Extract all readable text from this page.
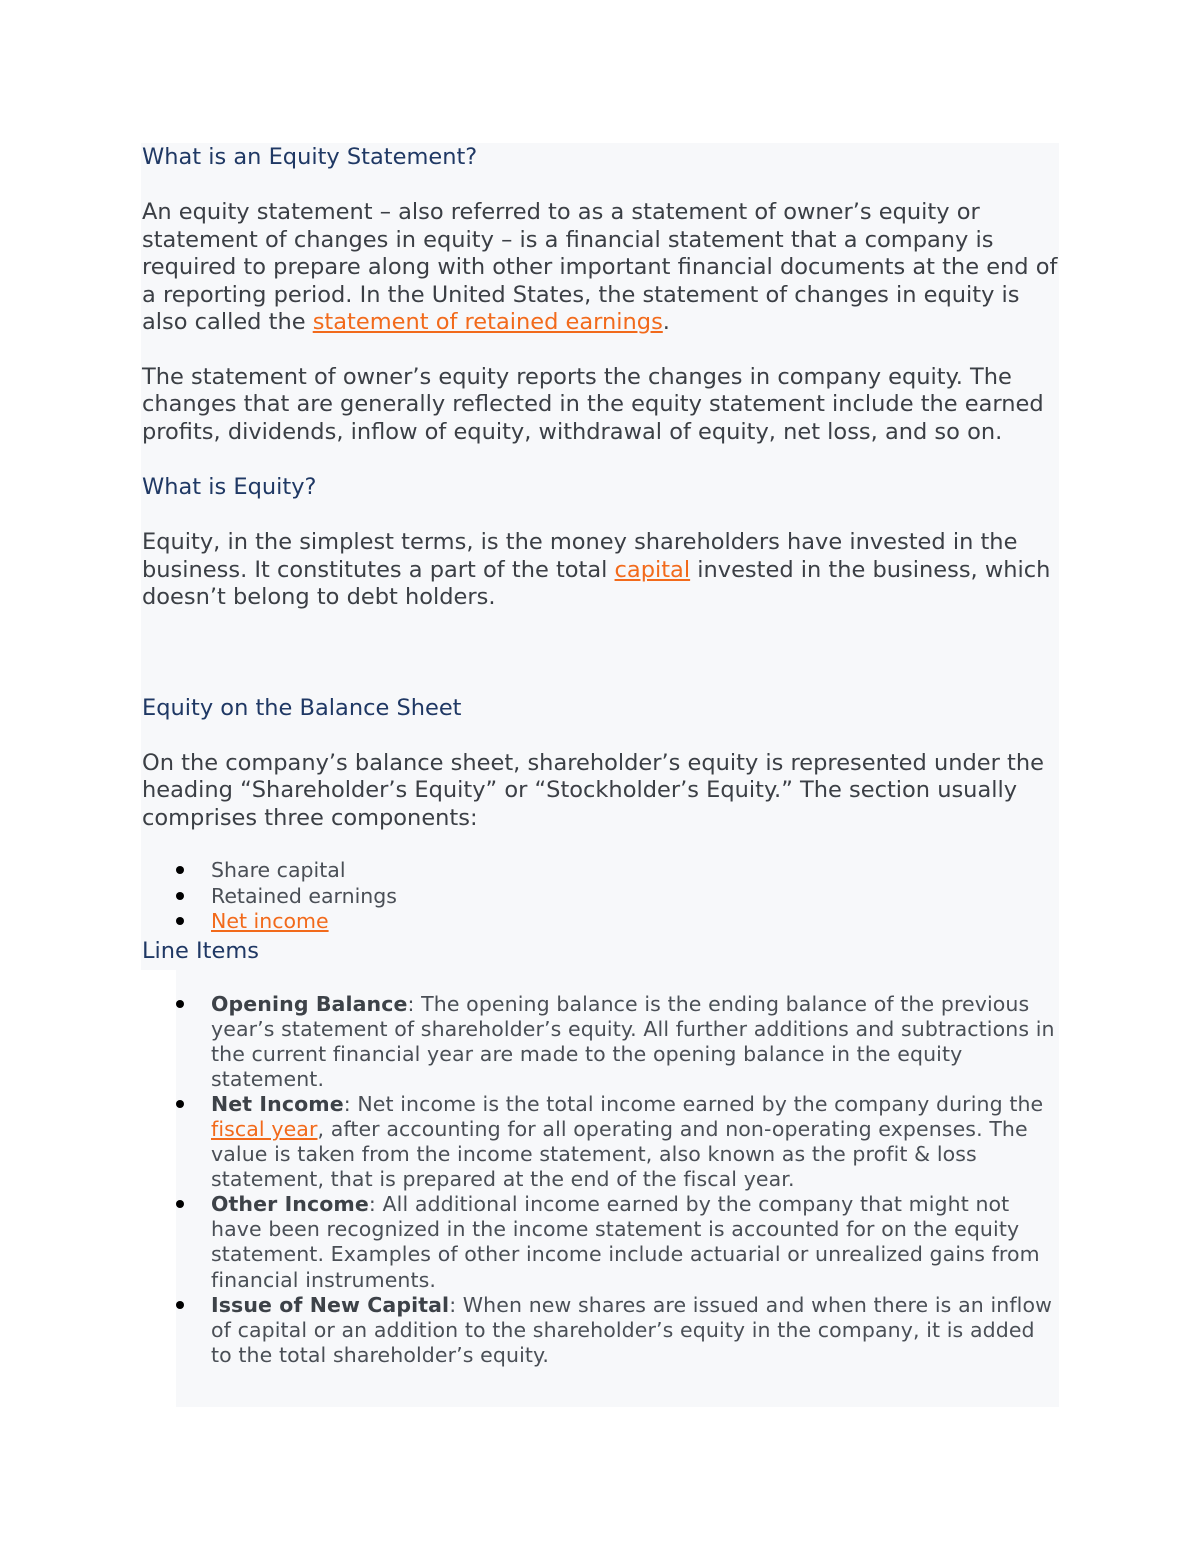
What is an Equity Statement?

An equity statement – also referred to as a statement of owner’s equity or statement of changes in equity – is a financial statement that a company is required to prepare along with other important financial documents at the end of a reporting period. In the United States, the statement of changes in equity is also called the statement of retained earnings.

The statement of owner’s equity reports the changes in company equity. The changes that are generally reflected in the equity statement include the earned profits, dividends, inflow of equity, withdrawal of equity, net loss, and so on.

What is Equity?

Equity, in the simplest terms, is the money shareholders have invested in the business. It constitutes a part of the total capital invested in the business, which doesn’t belong to debt holders.

Equity on the Balance Sheet

On the company’s balance sheet, shareholder’s equity is represented under the heading “Shareholder’s Equity” or “Stockholder’s Equity.” The section usually comprises three components:

Share capital
Retained earnings
Net income
Line Items
Opening Balance: The opening balance is the ending balance of the previous year’s statement of shareholder’s equity. All further additions and subtractions in the current financial year are made to the opening balance in the equity statement.
Net Income: Net income is the total income earned by the company during the fiscal year, after accounting for all operating and non-operating expenses. The value is taken from the income statement, also known as the profit & loss statement, that is prepared at the end of the fiscal year.
Other Income: All additional income earned by the company that might not have been recognized in the income statement is accounted for on the equity statement. Examples of other income include actuarial or unrealized gains from financial instruments.
Issue of New Capital: When new shares are issued and when there is an inflow of capital or an addition to the shareholder’s equity in the company, it is added to the total shareholder’s equity.
